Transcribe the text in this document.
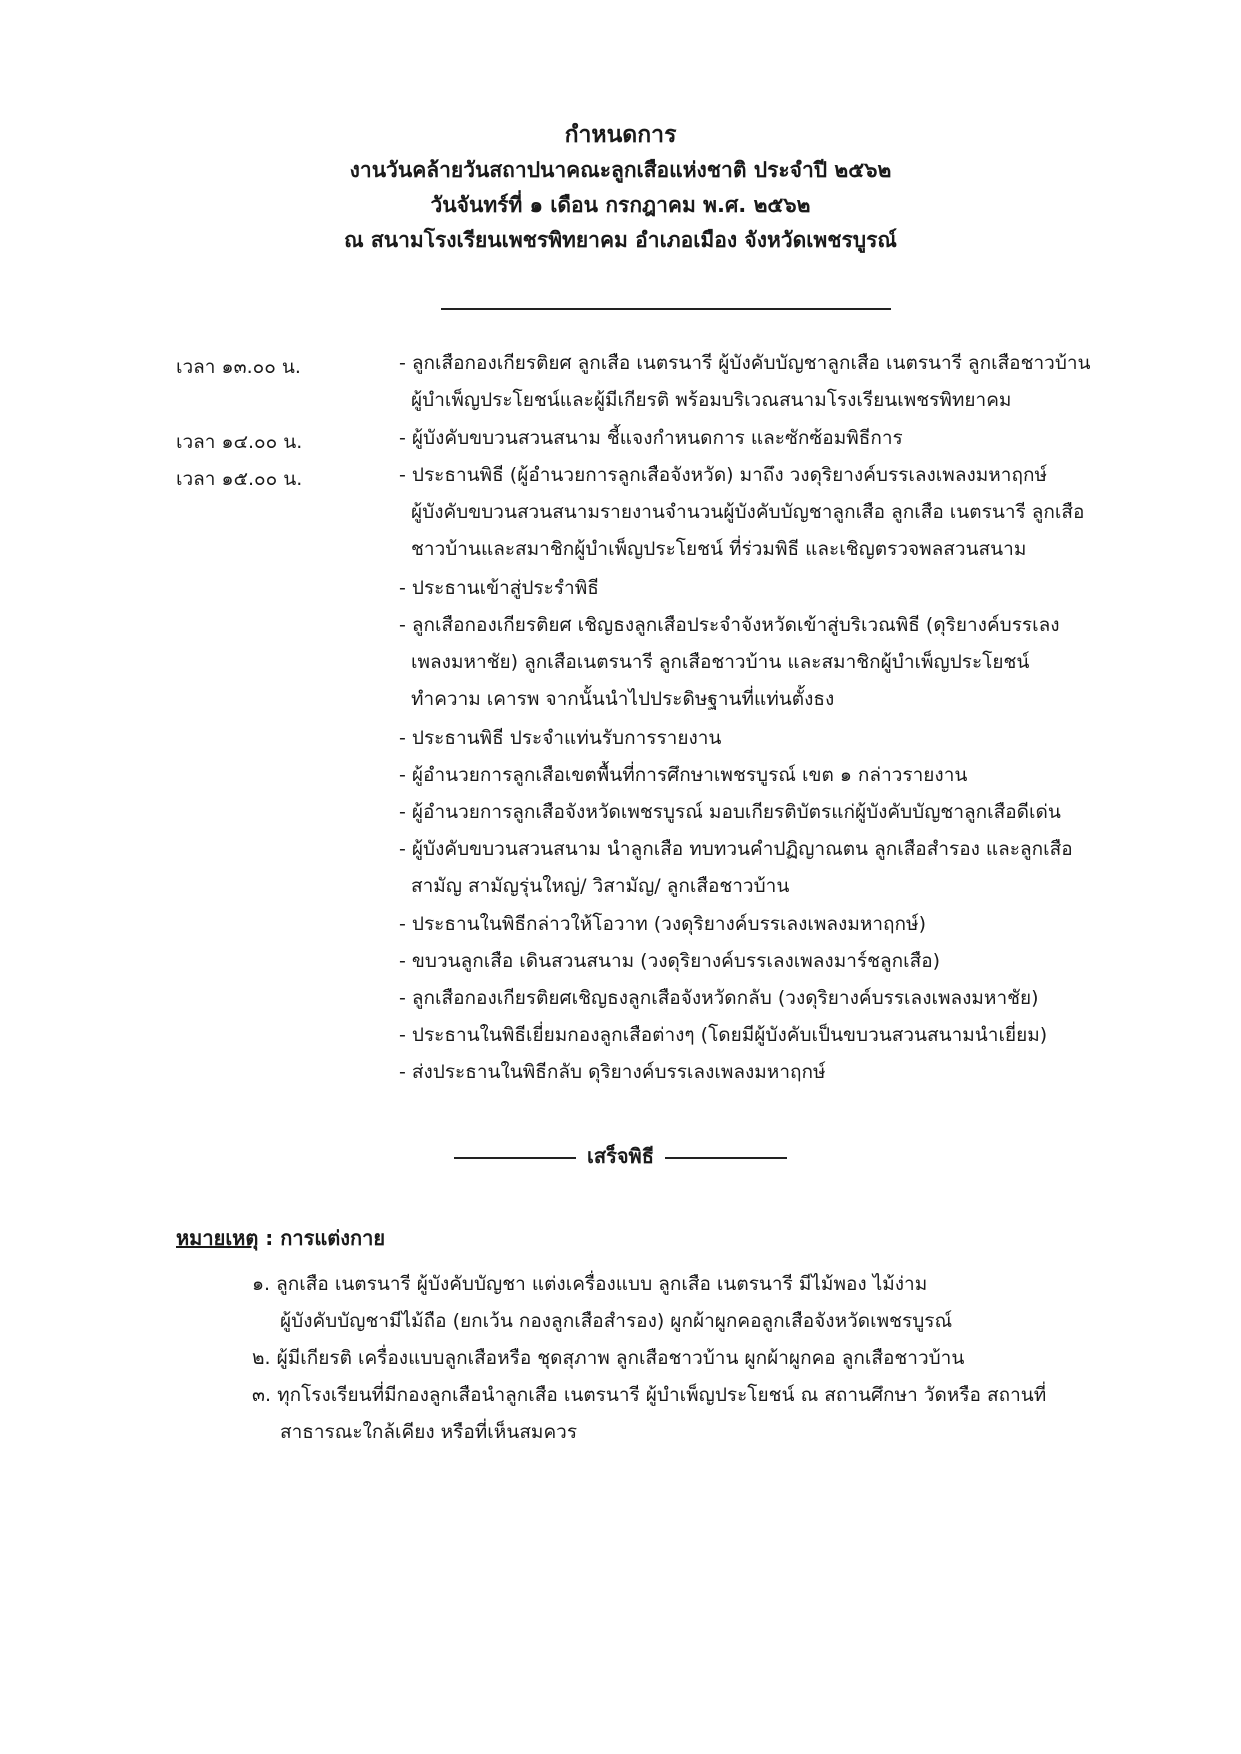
กำหนดการ
งานวันคล้ายวันสถาปนาคณะลูกเสือแห่งชาติ ประจำปี ๒๕๖๒
วันจันทร์ที่ ๑ เดือน กรกฎาคม พ.ศ. ๒๕๖๒
ณ สนามโรงเรียนเพชรพิทยาคม อำเภอเมือง จังหวัดเพชรบูรณ์
เวลา ๑๓.๐๐ น.
เวลา ๑๔.๐๐ น.
เวลา ๑๕.๐๐ น.
- ลูกเสือกองเกียรติยศ ลูกเสือ เนตรนารี ผู้บังคับบัญชาลูกเสือ เนตรนารี ลูกเสือชาวบ้าน
ผู้บำเพ็ญประโยชน์และผู้มีเกียรติ พร้อมบริเวณสนามโรงเรียนเพชรพิทยาคม
- ผู้บังคับขบวนสวนสนาม ชี้แจงกำหนดการ และซักซ้อมพิธีการ
- ประธานพิธี (ผู้อำนวยการลูกเสือจังหวัด) มาถึง วงดุริยางค์บรรเลงเพลงมหาฤกษ์
ผู้บังคับขบวนสวนสนามรายงานจำนวนผู้บังคับบัญชาลูกเสือ ลูกเสือ เนตรนารี ลูกเสือ
ชาวบ้านและสมาชิกผู้บำเพ็ญประโยชน์ ที่ร่วมพิธี และเชิญตรวจพลสวนสนาม
- ประธานเข้าสู่ประรำพิธี
- ลูกเสือกองเกียรติยศ เชิญธงลูกเสือประจำจังหวัดเข้าสู่บริเวณพิธี (ดุริยางค์บรรเลง
เพลงมหาชัย) ลูกเสือเนตรนารี ลูกเสือชาวบ้าน และสมาชิกผู้บำเพ็ญประโยชน์
ทำความ เคารพ จากนั้นนำไปประดิษฐานที่แท่นตั้งธง
- ประธานพิธี ประจำแท่นรับการรายงาน
- ผู้อำนวยการลูกเสือเขตพื้นที่การศึกษาเพชรบูรณ์ เขต ๑ กล่าวรายงาน
- ผู้อำนวยการลูกเสือจังหวัดเพชรบูรณ์ มอบเกียรติบัตรแก่ผู้บังคับบัญชาลูกเสือดีเด่น
- ผู้บังคับขบวนสวนสนาม นำลูกเสือ ทบทวนคำปฏิญาณตน ลูกเสือสำรอง และลูกเสือ
สามัญ สามัญรุ่นใหญ่/ วิสามัญ/ ลูกเสือชาวบ้าน
- ประธานในพิธีกล่าวให้โอวาท (วงดุริยางค์บรรเลงเพลงมหาฤกษ์)
- ขบวนลูกเสือ เดินสวนสนาม (วงดุริยางค์บรรเลงเพลงมาร์ชลูกเสือ)
- ลูกเสือกองเกียรติยศเชิญธงลูกเสือจังหวัดกลับ (วงดุริยางค์บรรเลงเพลงมหาชัย)
- ประธานในพิธีเยี่ยมกองลูกเสือต่างๆ (โดยมีผู้บังคับเป็นขบวนสวนสนามนำเยี่ยม)
- ส่งประธานในพิธีกลับ ดุริยางค์บรรเลงเพลงมหาฤกษ์
เสร็จพิธี
หมายเหตุ : การแต่งกาย
๑. ลูกเสือ เนตรนารี ผู้บังคับบัญชา แต่งเครื่องแบบ ลูกเสือ เนตรนารี มีไม้พอง ไม้ง่าม
ผู้บังคับบัญชามีไม้ถือ (ยกเว้น กองลูกเสือสำรอง) ผูกผ้าผูกคอลูกเสือจังหวัดเพชรบูรณ์
๒. ผู้มีเกียรติ เครื่องแบบลูกเสือหรือ ชุดสุภาพ ลูกเสือชาวบ้าน ผูกผ้าผูกคอ ลูกเสือชาวบ้าน
๓. ทุกโรงเรียนที่มีกองลูกเสือนำลูกเสือ เนตรนารี ผู้บำเพ็ญประโยชน์ ณ สถานศึกษา วัดหรือ สถานที่
สาธารณะใกล้เคียง หรือที่เห็นสมควร
